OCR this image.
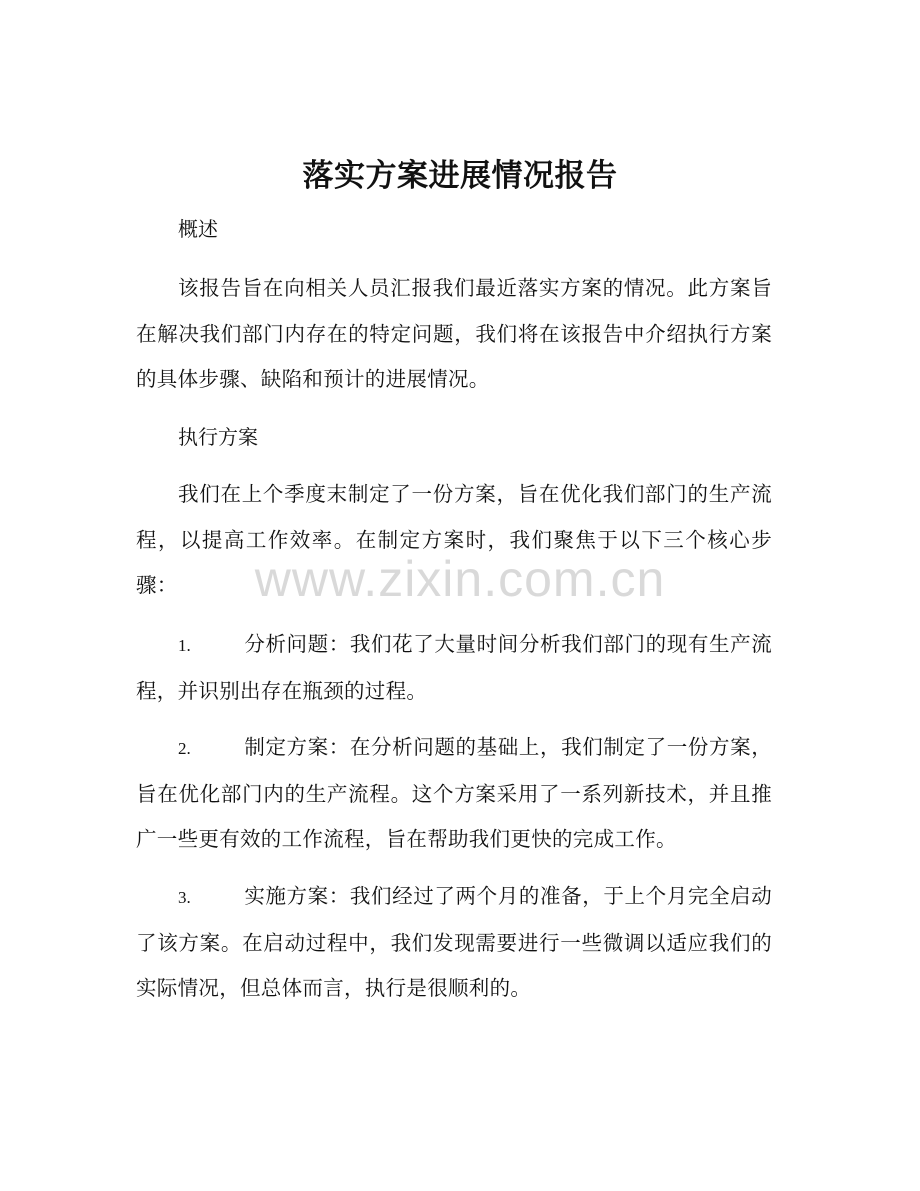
落实方案进展情况报告
概述

该报告旨在向相关人员汇报我们最近落实方案的情况。此方案旨在解决我们部门内存在的特定问题，我们将在该报告中介绍执行方案的具体步骤、缺陷和预计的进展情况。

执行方案

我们在上个季度末制定了一份方案，旨在优化我们部门的生产流程，以提高工作效率。在制定方案时，我们聚焦于以下三个核心步骤：

1.	分析问题：我们花了大量时间分析我们部门的现有生产流程，并识别出存在瓶颈的过程。
2.	制定方案：在分析问题的基础上，我们制定了一份方案，旨在优化部门内的生产流程。这个方案采用了一系列新技术，并且推广一些更有效的工作流程，旨在帮助我们更快的完成工作。
3.	实施方案：我们经过了两个月的准备，于上个月完全启动了该方案。在启动过程中，我们发现需要进行一些微调以适应我们的实际情况，但总体而言，执行是很顺利的。
www.zixin.com.cn
